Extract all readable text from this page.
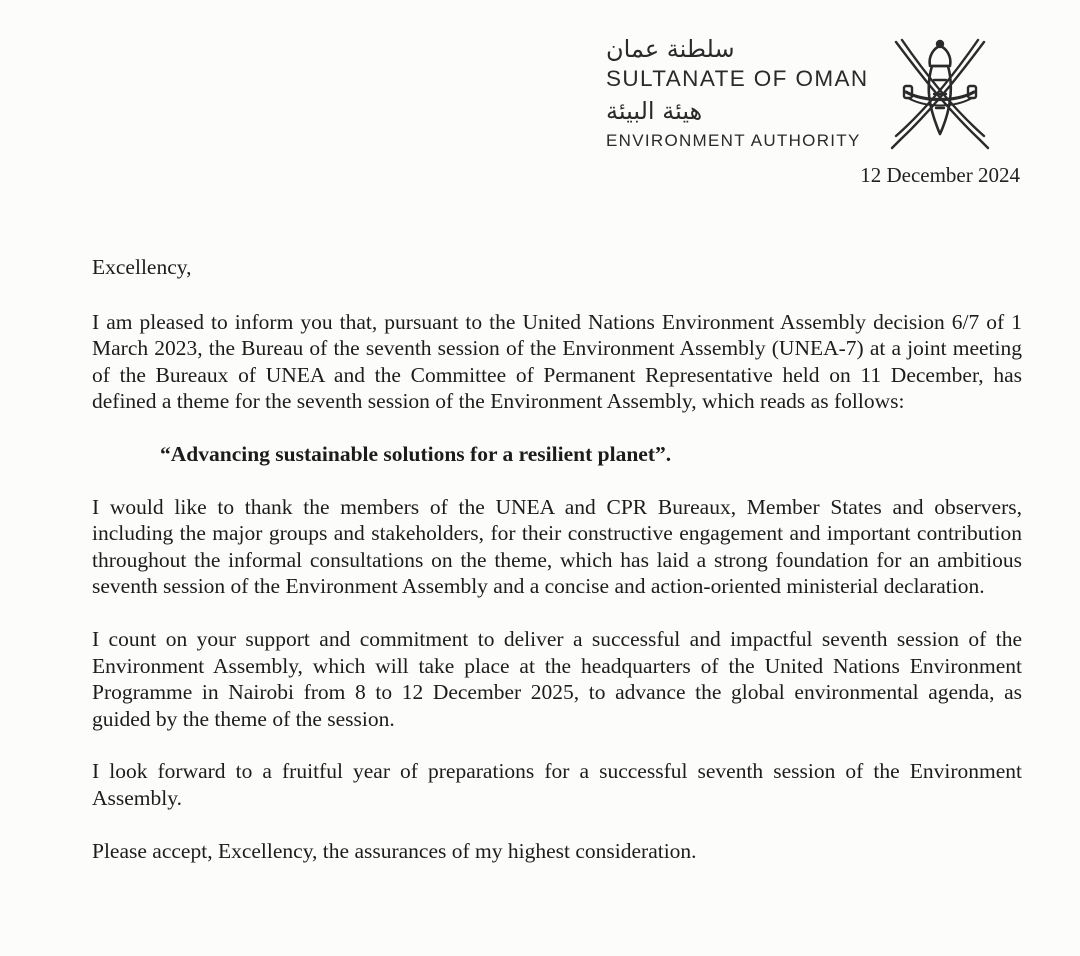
سلطنة عمان
SULTANATE OF OMAN
هيئة البيئة
ENVIRONMENT AUTHORITY
12 December 2024

Excellency,

I am pleased to inform you that, pursuant to the United Nations Environment Assembly decision 6/7 of 1 March 2023, the Bureau of the seventh session of the Environment Assembly (UNEA-7) at a joint meeting of the Bureaux of UNEA and the Committee of Permanent Representative held on 11 December, has defined a theme for the seventh session of the Environment Assembly, which reads as follows:

“Advancing sustainable solutions for a resilient planet”.

I would like to thank the members of the UNEA and CPR Bureaux, Member States and observers, including the major groups and stakeholders, for their constructive engagement and important contribution throughout the informal consultations on the theme, which has laid a strong foundation for an ambitious seventh session of the Environment Assembly and a concise and action-oriented ministerial declaration.

I count on your support and commitment to deliver a successful and impactful seventh session of the Environment Assembly, which will take place at the headquarters of the United Nations Environment Programme in Nairobi from 8 to 12 December 2025, to advance the global environmental agenda, as guided by the theme of the session.

I look forward to a fruitful year of preparations for a successful seventh session of the Environment Assembly.

Please accept, Excellency, the assurances of my highest consideration.
